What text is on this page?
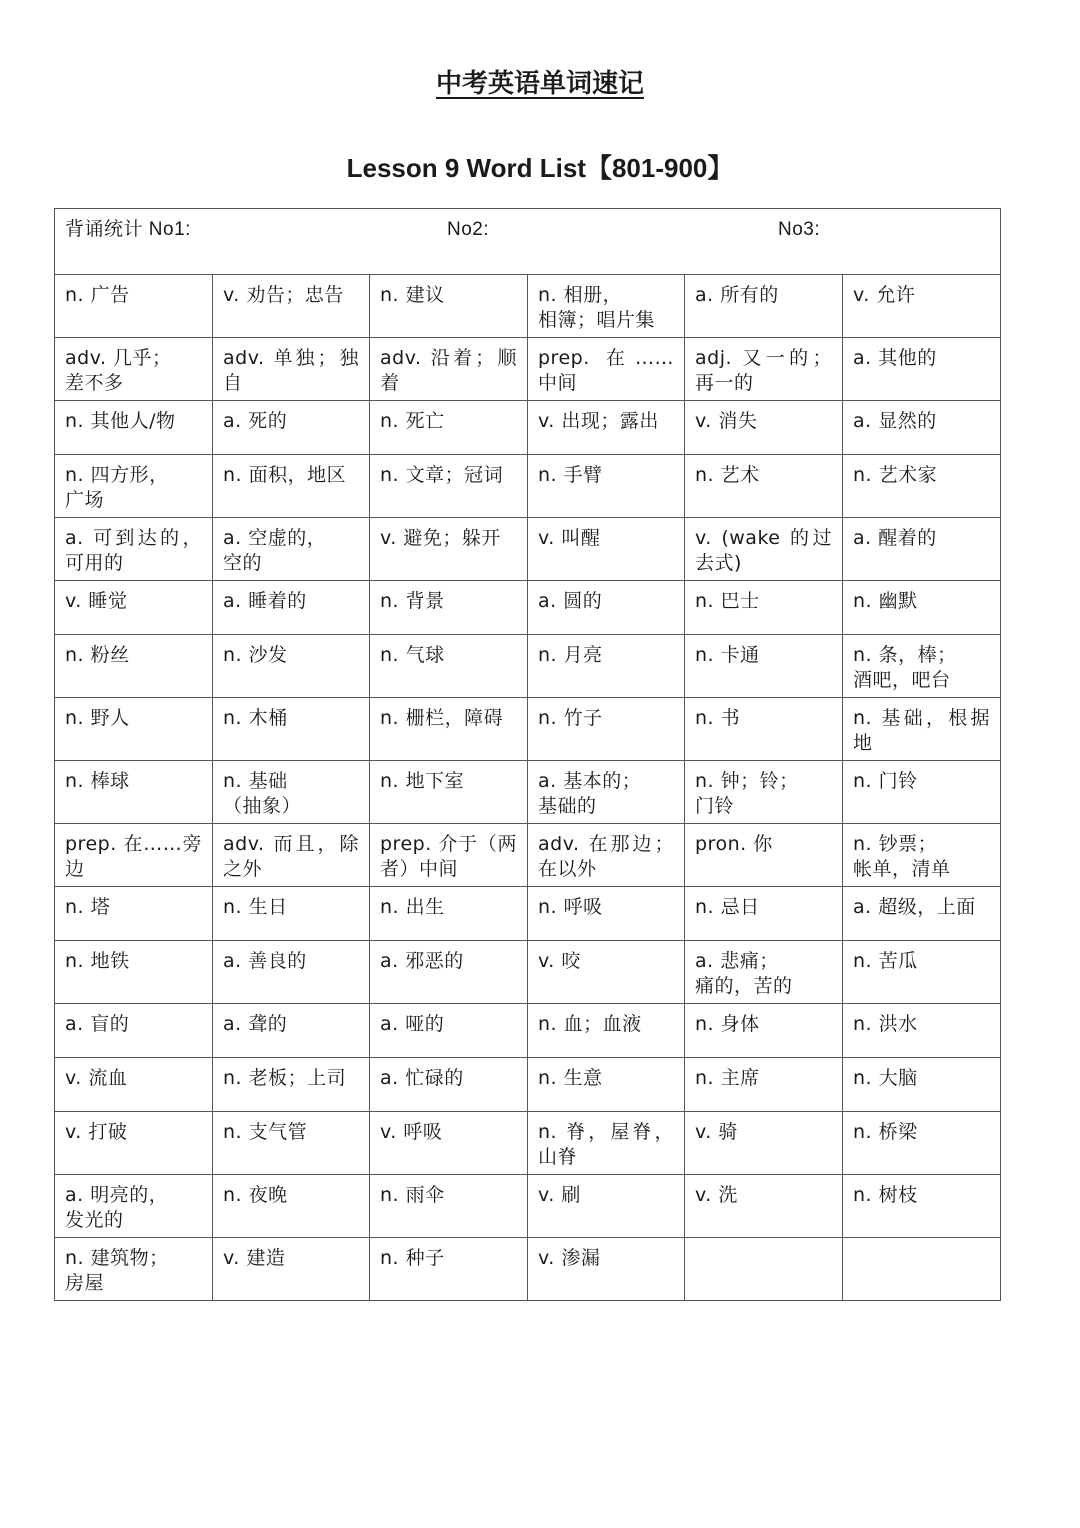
中考英语单词速记
Lesson 9 Word List【801-900】
背诵统计 No1: No2: No3:					

n. 广告	v. 劝告；忠告	n. 建议	n. 相册，
相簿；唱片集	a. 所有的	v. 允许
adv. 几乎；
差不多	adv. 单独；独自	adv. 沿着；顺着	prep. 在……中间	adj. 又一的；再一的	a. 其他的
n. 其他人/物	a. 死的	n. 死亡	v. 出现；露出	v. 消失	a. 显然的
n. 四方形，
广场	n. 面积，地区	n. 文章；冠词	n. 手臂	n. 艺术	n. 艺术家
a. 可到达的，可用的	a. 空虚的，
空的	v. 避免；躲开	v. 叫醒	v. (wake 的过去式)	a. 醒着的
v. 睡觉	a. 睡着的	n. 背景	a. 圆的	n. 巴士	n. 幽默
n. 粉丝	n. 沙发	n. 气球	n. 月亮	n. 卡通	n. 条，棒；
酒吧，吧台
n. 野人	n. 木桶	n. 栅栏，障碍	n. 竹子	n. 书	n. 基础，根据地
n. 棒球	n. 基础
（抽象）	n. 地下室	a. 基本的；
基础的	n. 钟；铃；
门铃	n. 门铃
prep. 在……旁边	adv. 而且，除之外	prep. 介于（两者）中间	adv. 在那边；在以外	pron. 你	n. 钞票；
帐单，清单
n. 塔	n. 生日	n. 出生	n. 呼吸	n. 忌日	a. 超级，上面
n. 地铁	a. 善良的	a. 邪恶的	v. 咬	a. 悲痛；
痛的，苦的	n. 苦瓜
a. 盲的	a. 聋的	a. 哑的	n. 血；血液	n. 身体	n. 洪水
v. 流血	n. 老板；上司	a. 忙碌的	n. 生意	n. 主席	n. 大脑
v. 打破	n. 支气管	v. 呼吸	n. 脊，屋脊，山脊	v. 骑	n. 桥梁
a. 明亮的，
发光的	n. 夜晚	n. 雨伞	v. 刷	v. 洗	n. 树枝
n. 建筑物；
房屋	v. 建造	n. 种子	v. 渗漏		
